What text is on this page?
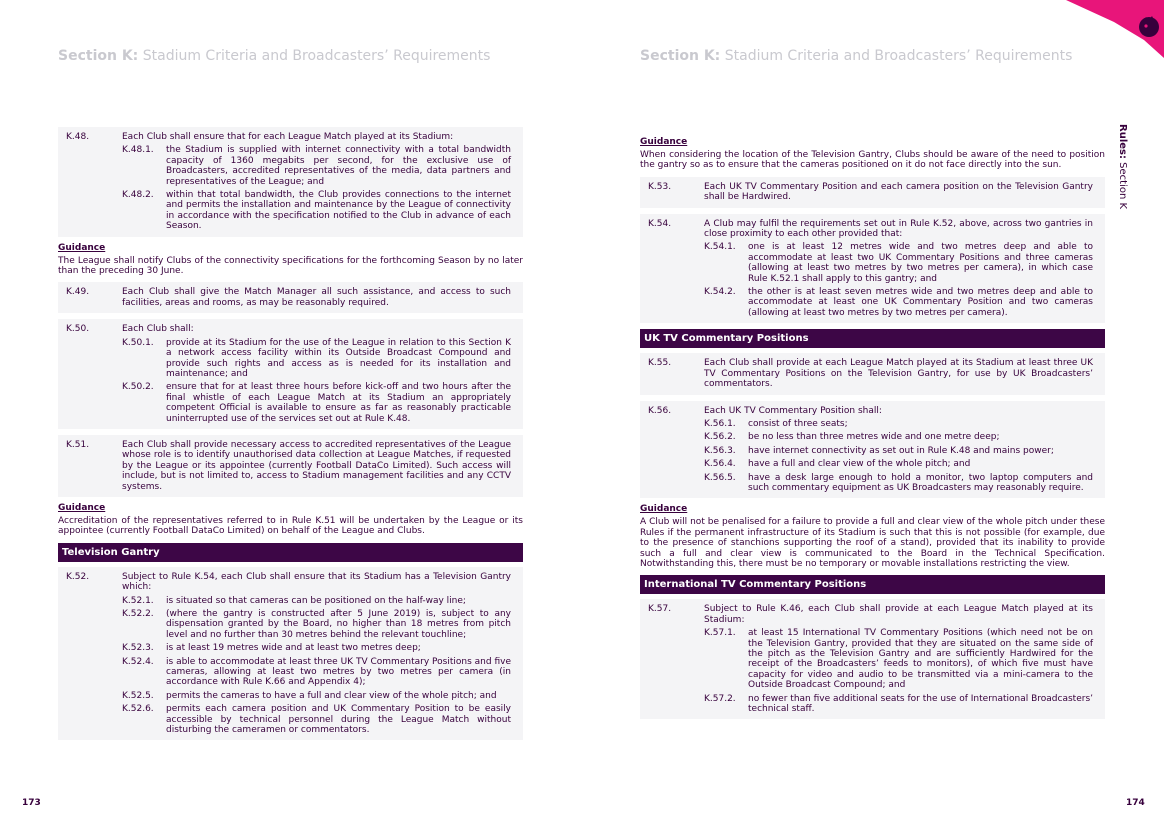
Section K: Stadium Criteria and Broadcasters’ Requirements
K.48.	Each Club shall ensure that for each League Match played at its Stadium:
K.48.1.	the Stadium is supplied with internet connectivity with a total bandwidth capacity of 1360 megabits per second, for the exclusive use of Broadcasters, accredited representatives of the media, data partners and representatives of the League; and
K.48.2.	within that total bandwidth, the Club provides connections to the internet and permits the installation and maintenance by the League of connectivity in accordance with the specification notified to the Club in advance of each Season.
Guidance
The League shall notify Clubs of the connectivity specifications for the forthcoming Season by no later than the preceding 30 June.
K.49.	Each Club shall give the Match Manager all such assistance, and access to such facilities, areas and rooms, as may be reasonably required.
K.50.	Each Club shall:
K.50.1.	provide at its Stadium for the use of the League in relation to this Section K a network access facility within its Outside Broadcast Compound and provide such rights and access as is needed for its installation and maintenance; and
K.50.2.	ensure that for at least three hours before kick-off and two hours after the final whistle of each League Match at its Stadium an appropriately competent Official is available to ensure as far as reasonably practicable uninterrupted use of the services set out at Rule K.48.
K.51.	Each Club shall provide necessary access to accredited representatives of the League whose role is to identify unauthorised data collection at League Matches, if requested by the League or its appointee (currently Football DataCo Limited). Such access will include, but is not limited to, access to Stadium management facilities and any CCTV systems.
Guidance
Accreditation of the representatives referred to in Rule K.51 will be undertaken by the League or its appointee (currently Football DataCo Limited) on behalf of the League and Clubs.
Television Gantry
K.52.	Subject to Rule K.54, each Club shall ensure that its Stadium has a Television Gantry which:
K.52.1.	is situated so that cameras can be positioned on the half-way line;
K.52.2.	(where the gantry is constructed after 5 June 2019) is, subject to any dispensation granted by the Board, no higher than 18 metres from pitch level and no further than 30 metres behind the relevant touchline;
K.52.3.	is at least 19 metres wide and at least two metres deep;
K.52.4.	is able to accommodate at least three UK TV Commentary Positions and five cameras, allowing at least two metres by two metres per camera (in accordance with Rule K.66 and Appendix 4);
K.52.5.	permits the cameras to have a full and clear view of the whole pitch; and
K.52.6.	permits each camera position and UK Commentary Position to be easily accessible by technical personnel during the League Match without disturbing the cameramen or commentators.
173
Section K: Stadium Criteria and Broadcasters’ Requirements
Guidance
When considering the location of the Television Gantry, Clubs should be aware of the need to position the gantry so as to ensure that the cameras positioned on it do not face directly into the sun.
K.53.	Each UK TV Commentary Position and each camera position on the Television Gantry shall be Hardwired.
K.54.	A Club may fulfil the requirements set out in Rule K.52, above, across two gantries in close proximity to each other provided that:
K.54.1.	one is at least 12 metres wide and two metres deep and able to accommodate at least two UK Commentary Positions and three cameras (allowing at least two metres by two metres per camera), in which case Rule K.52.1 shall apply to this gantry; and
K.54.2.	the other is at least seven metres wide and two metres deep and able to accommodate at least one UK Commentary Position and two cameras (allowing at least two metres by two metres per camera).
UK TV Commentary Positions
K.55.	Each Club shall provide at each League Match played at its Stadium at least three UK TV Commentary Positions on the Television Gantry, for use by UK Broadcasters’ commentators.
K.56.	Each UK TV Commentary Position shall:
K.56.1.	consist of three seats;
K.56.2.	be no less than three metres wide and one metre deep;
K.56.3.	have internet connectivity as set out in Rule K.48 and mains power;
K.56.4.	have a full and clear view of the whole pitch; and
K.56.5.	have a desk large enough to hold a monitor, two laptop computers and such commentary equipment as UK Broadcasters may reasonably require.
Guidance
A Club will not be penalised for a failure to provide a full and clear view of the whole pitch under these Rules if the permanent infrastructure of its Stadium is such that this is not possible (for example, due to the presence of stanchions supporting the roof of a stand), provided that its inability to provide such a full and clear view is communicated to the Board in the Technical Specification. Notwithstanding this, there must be no temporary or movable installations restricting the view.
International TV Commentary Positions
K.57.	Subject to Rule K.46, each Club shall provide at each League Match played at its Stadium:
K.57.1.	at least 15 International TV Commentary Positions (which need not be on the Television Gantry, provided that they are situated on the same side of the pitch as the Television Gantry and are sufficiently Hardwired for the receipt of the Broadcasters’ feeds to monitors), of which five must have capacity for video and audio to be transmitted via a mini-camera to the Outside Broadcast Compound; and
K.57.2.	no fewer than five additional seats for the use of International Broadcasters’ technical staff.
174
Rules: Section K
